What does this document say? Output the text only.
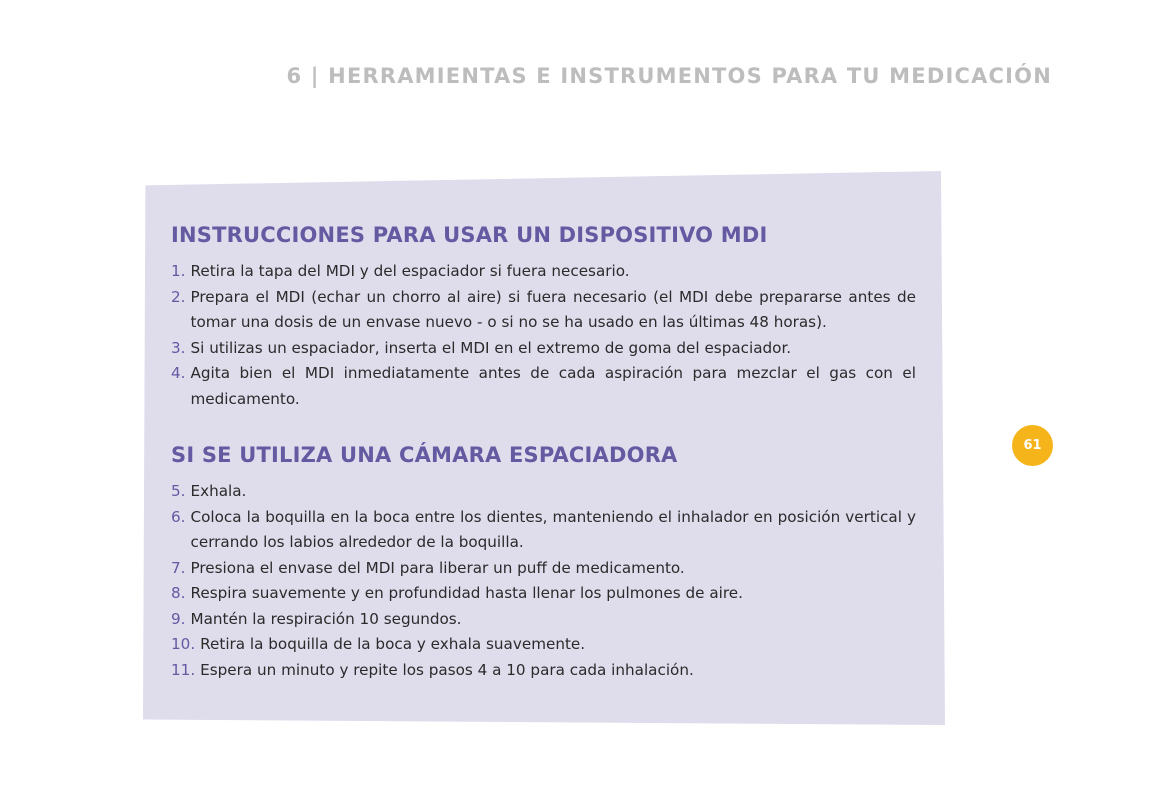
6 | HERRAMIENTAS E INSTRUMENTOS PARA TU MEDICACIÓN
61
INSTRUCCIONES PARA USAR UN DISPOSITIVO MDI
1. Retira la tapa del MDI y del espaciador si fuera necesario.
2. Prepara el MDI (echar un chorro al aire) si fuera necesario (el MDI debe prepararse antes de tomar una dosis de un envase nuevo - o si no se ha usado en las últimas 48 horas).
3. Si utilizas un espaciador, inserta el MDI en el extremo de goma del espaciador.
4. Agita bien el MDI inmediatamente antes de cada aspiración para mezclar el gas con el medicamento.
SI SE UTILIZA UNA CÁMARA ESPACIADORA
5. Exhala.
6. Coloca la boquilla en la boca entre los dientes, manteniendo el inhalador en posición vertical y cerrando los labios alrededor de la boquilla.
7. Presiona el envase del MDI para liberar un puff de medicamento.
8. Respira suavemente y en profundidad hasta llenar los pulmones de aire.
9. Mantén la respiración 10 segundos.
10. Retira la boquilla de la boca y exhala suavemente.
11. Espera un minuto y repite los pasos 4 a 10 para cada inhalación.
